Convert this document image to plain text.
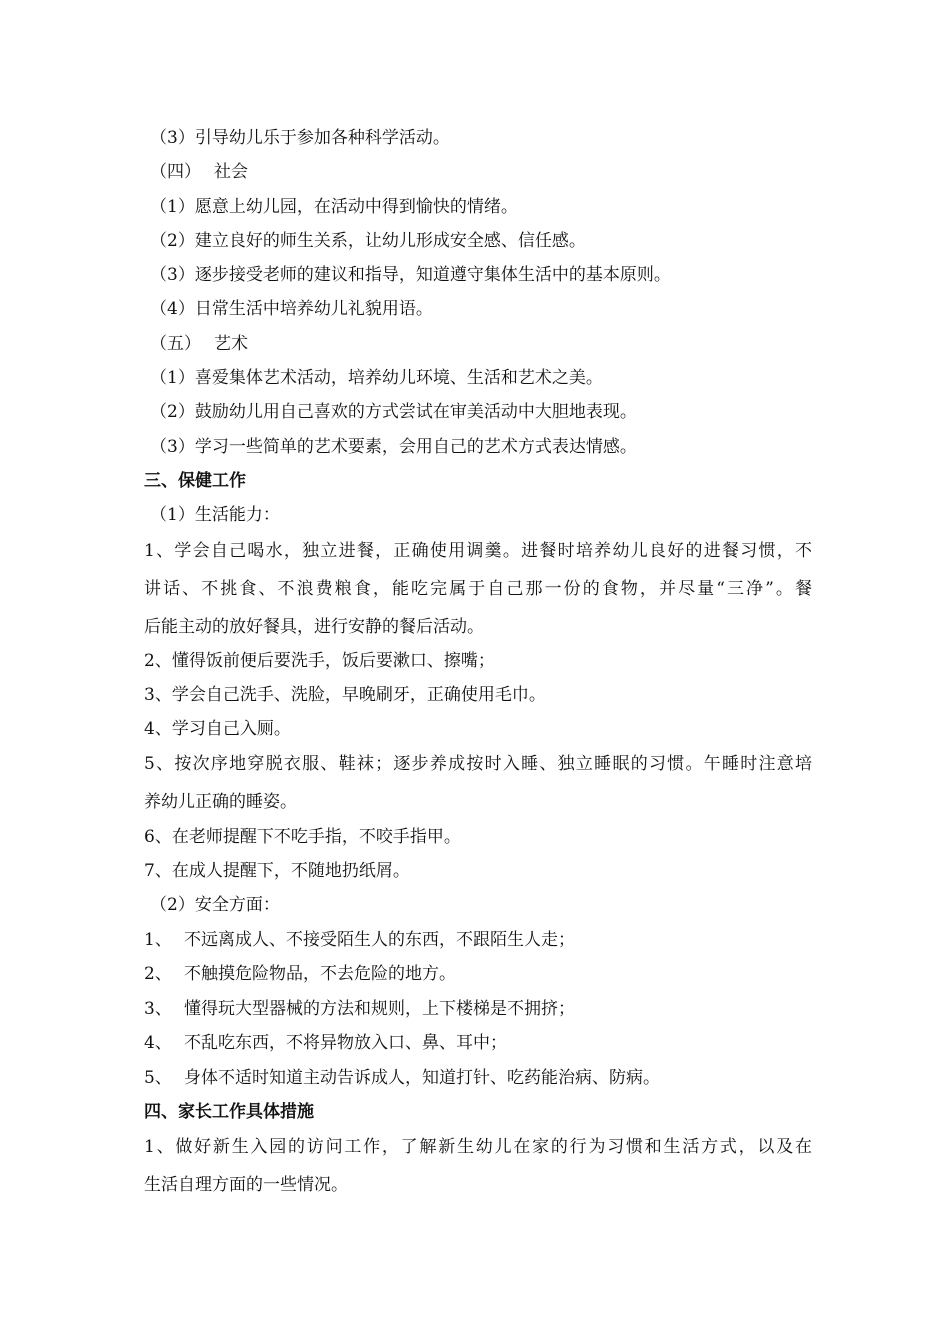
（3）引导幼儿乐于参加各种科学活动。
（四） 社会
（1）愿意上幼儿园，在活动中得到愉快的情绪。
（2）建立良好的师生关系，让幼儿形成安全感、信任感。
（3）逐步接受老师的建议和指导，知道遵守集体生活中的基本原则。
（4）日常生活中培养幼儿礼貌用语。
（五） 艺术
（1）喜爱集体艺术活动，培养幼儿环境、生活和艺术之美。
（2）鼓励幼儿用自己喜欢的方式尝试在审美活动中大胆地表现。
（3）学习一些简单的艺术要素，会用自己的艺术方式表达情感。
三、保健工作
（1）生活能力：
1、学会自己喝水，独立进餐，正确使用调羹。进餐时培养幼儿良好的进餐习惯，不
讲话、不挑食、不浪费粮食，能吃完属于自己那一份的食物，并尽量“三净”。餐
后能主动的放好餐具，进行安静的餐后活动。
2、懂得饭前便后要洗手，饭后要漱口、擦嘴；
3、学会自己洗手、洗脸，早晚刷牙，正确使用毛巾。
4、学习自己入厕。
5、按次序地穿脱衣服、鞋袜；逐步养成按时入睡、独立睡眠的习惯。午睡时注意培
养幼儿正确的睡姿。
6、在老师提醒下不吃手指，不咬手指甲。
7、在成人提醒下，不随地扔纸屑。
（2）安全方面：
1、 不远离成人、不接受陌生人的东西，不跟陌生人走；
2、 不触摸危险物品，不去危险的地方。
3、 懂得玩大型器械的方法和规则，上下楼梯是不拥挤；
4、 不乱吃东西，不将异物放入口、鼻、耳中；
5、 身体不适时知道主动告诉成人，知道打针、吃药能治病、防病。
四、家长工作具体措施
1、做好新生入园的访问工作，了解新生幼儿在家的行为习惯和生活方式，以及在
生活自理方面的一些情况。
